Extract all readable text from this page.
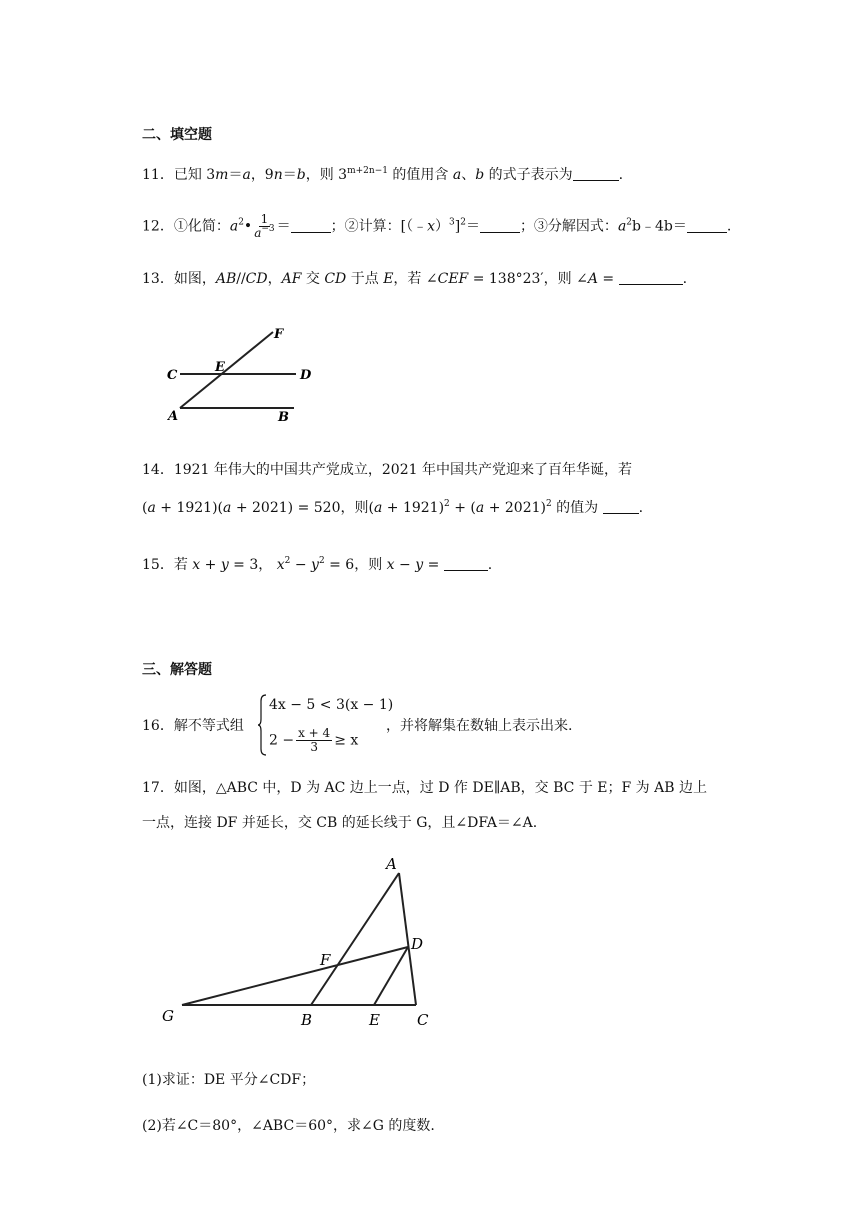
二、填空题
11．已知 3m＝a，9n＝b，则 $3^{m+2n-1}$ 的值用含 a、b 的式子表示为	.
12．①化简：$a^2• \frac{1}{a^{-3}}$ ＝	；②计算：[（﹣x）$^3$]$^2$＝	；③分解因式：$a^2b﹣4b=$	.
13．如图，AB//CD，AF 交 CD 于点 E，若 ∠CEF = 138°23′，则 ∠A =	.
F
C
E
D
A	B
14．1921 年伟大的中国共产党成立，2021 年中国共产党迎来了百年华诞，若
(a + 1921)(a + 2021) = 520，则$(a + 1921)^2 + (a + 2021)^2$ 的值为	.
15．若 x + y = 3， $x^2 - y^2 = 6$，则 x − y =	.
三、解答题
16．解不等式组
4x − 5 < 3(x − 1)
$2 - \frac{x + 4}{3} \ge x$
，并将解集在数轴上表示出来.
17．如图，△ABC 中，D 为 AC 边上一点，过 D 作 DE∥AB，交 BC 于 E；F 为 AB 边上
一点，连接 DF 并延长，交 CB 的延长线于 G，且∠DFA＝∠A.
A
D
F
G	B	E C
(1)求证：DE 平分∠CDF；
(2)若∠C＝80°，∠ABC＝60°，求∠G 的度数.
